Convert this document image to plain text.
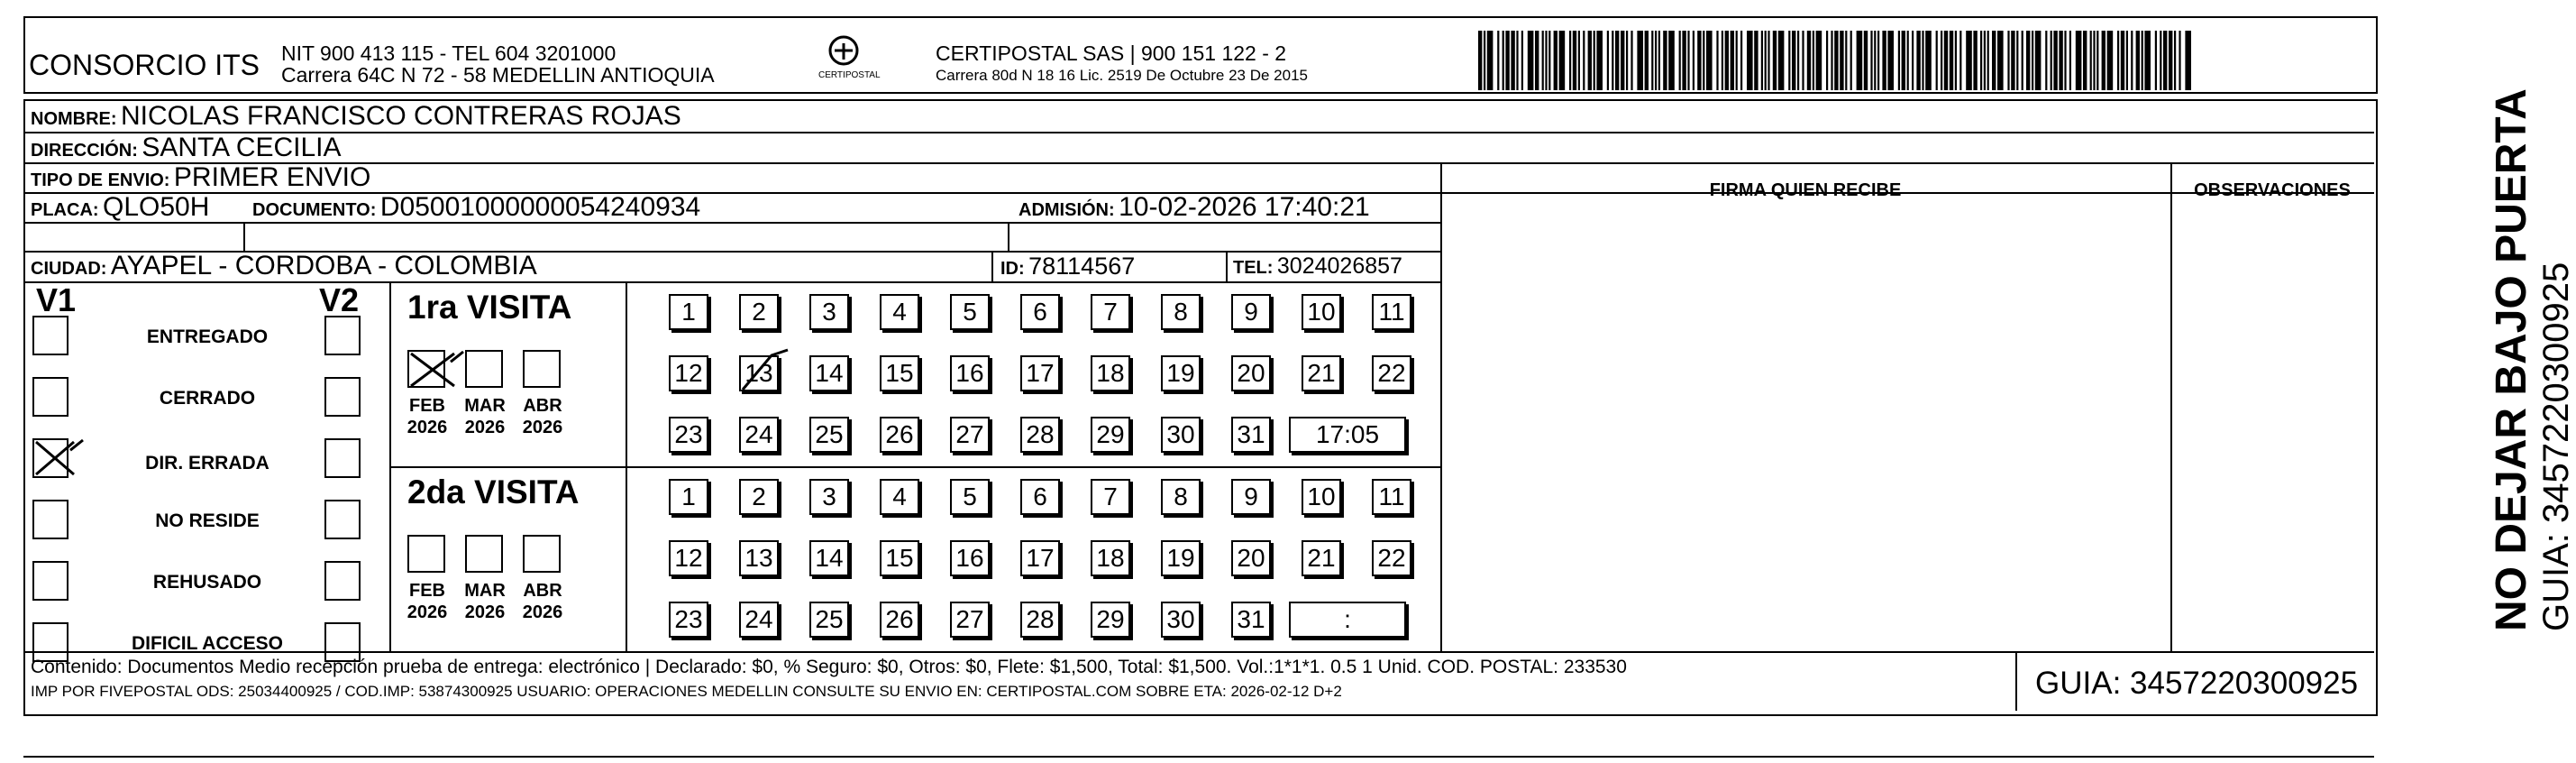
CONSORCIO ITS NIT 900 413 115 - TEL 604 3201000
Carrera 64C N 72 - 58 MEDELLIN ANTIOQUIA	CERTIPOSTAL
CERTIPOSTAL SAS | 900 151 122 - 2
Carrera 80d N 18 16 Lic. 2519 De Octubre 23 De 2015
NOMBRE: NICOLAS FRANCISCO CONTRERAS ROJAS
DIRECCIÓN: SANTA CECILIA
TIPO DE ENVIO: PRIMER ENVIO
PLACA: QLO50H DOCUMENTO: D05001000000054240934	ADMISIÓN: 10-02-2026 17:40:21
CIUDAD: AYAPEL - CORDOBA - COLOMBIA	ID: 78114567	TEL: 3024026857
FIRMA QUIEN RECIBE	OBSERVACIONES
V1	V2
Contenido: Documentos Medio recepción prueba de entrega: electrónico | Declarado: $0, % Seguro: $0, Otros: $0, Flete: $1,500, Total: $1,500. Vol.:1*1*1. 0.5 1 Unid. COD. POSTAL: 233530
IMP POR FIVEPOSTAL ODS: 25034400925 / COD.IMP: 53874300925 USUARIO: OPERACIONES MEDELLIN CONSULTE SU ENVIO EN: CERTIPOSTAL.COM SOBRE ETA: 2026-02-12 D+2	GUIA: 3457220300925
NO DEJAR BAJO PUERTA GUIA: 3457220300925
ENTREGADO
CERRADO
DIR. ERRADA
NO RESIDE
REHUSADO
DIFICIL ACCESO
1ra VISITA
FEB
2026
MAR
2026
ABR
2026
1	2	3	4	5	6	7	8	9	10 11
12 13 14 15 16 17 18 19 20 21 22
23 24 25 26 27 28 29 30 31	17:05
2da VISITA
FEB
2026
MAR
2026
ABR
2026
1	2	3	4	5	6	7	8	9	10 11
12 13 14 15 16 17 18 19 20 21 22
23 24 25 26 27 28 29 30 31	:
